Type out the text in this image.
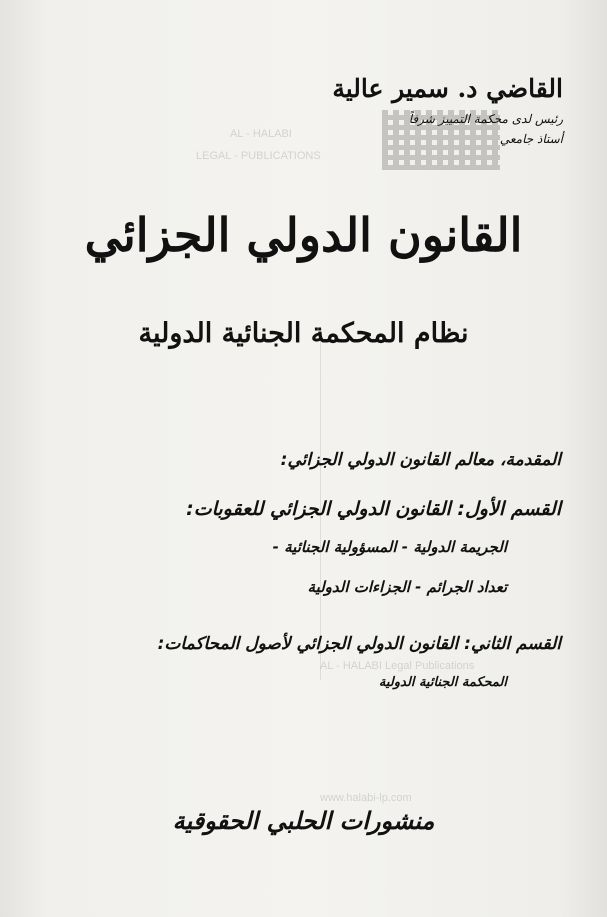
AL - HALABI
LEGAL - PUBLICATIONS
AL - HALABI Legal Publications
www.halabi-lp.com
القاضي د. سمير عالية
رئيس لدى محكمة التمييز شرفاً
أستاذ جامعي
القانون الدولي الجزائي
نظام المحكمة الجنائية الدولية
المقدمة، معالم القانون الدولي الجزائي:
القسم الأول: القانون الدولي الجزائي للعقوبات:
الجريمة الدولية - المسؤولية الجنائية -
تعداد الجرائم - الجزاءات الدولية
القسم الثاني: القانون الدولي الجزائي لأصول المحاكمات:
المحكمة الجنائية الدولية
منشورات الحلبي الحقوقية
